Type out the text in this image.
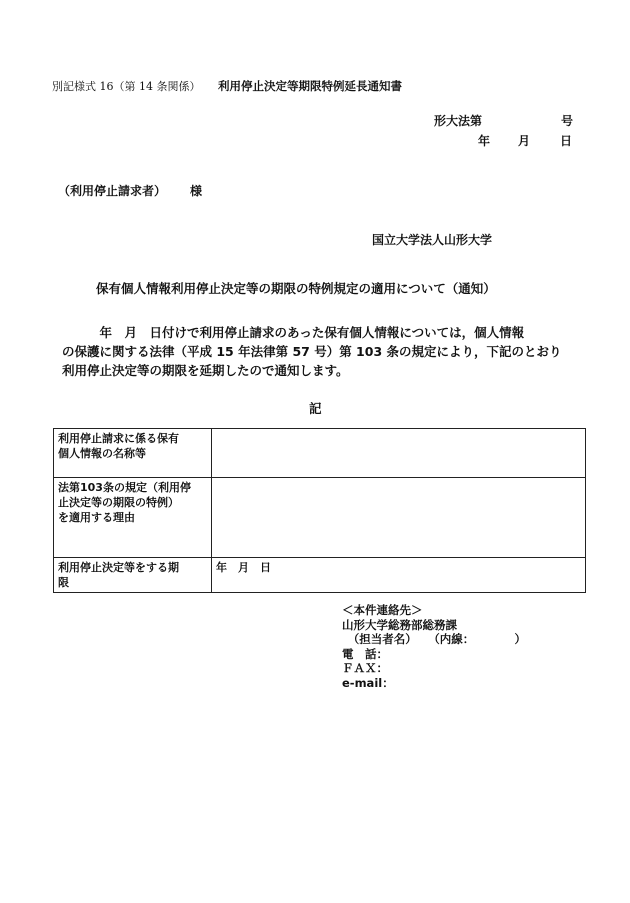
別記様式 16（第 14 条関係） 利用停止決定等期限特例延長通知書
形大法第	号
年 月 日
（利用停止請求者） 様
国立大学法人山形大学
保有個人情報利用停止決定等の期限の特例規定の適用について（通知）
　　　年　月　日付けで利用停止請求のあった保有個人情報については，個人情報
の保護に関する法律（平成 15 年法律第 57 号）第 103 条の規定により，下記のとおり
利用停止決定等の期限を延期したので通知します。
記
利用停止請求に係る保有
個人情報の名称等	

法第103条の規定（利用停
止決定等の期限の特例）
を適用する理由	

利用停止決定等をする期
限	年　月　日
＜本件連絡先＞
山形大学総務部総務課
　（担当者名）　　（内線：　　　　）
電　話：
ＦＡＸ：
e-mail：
